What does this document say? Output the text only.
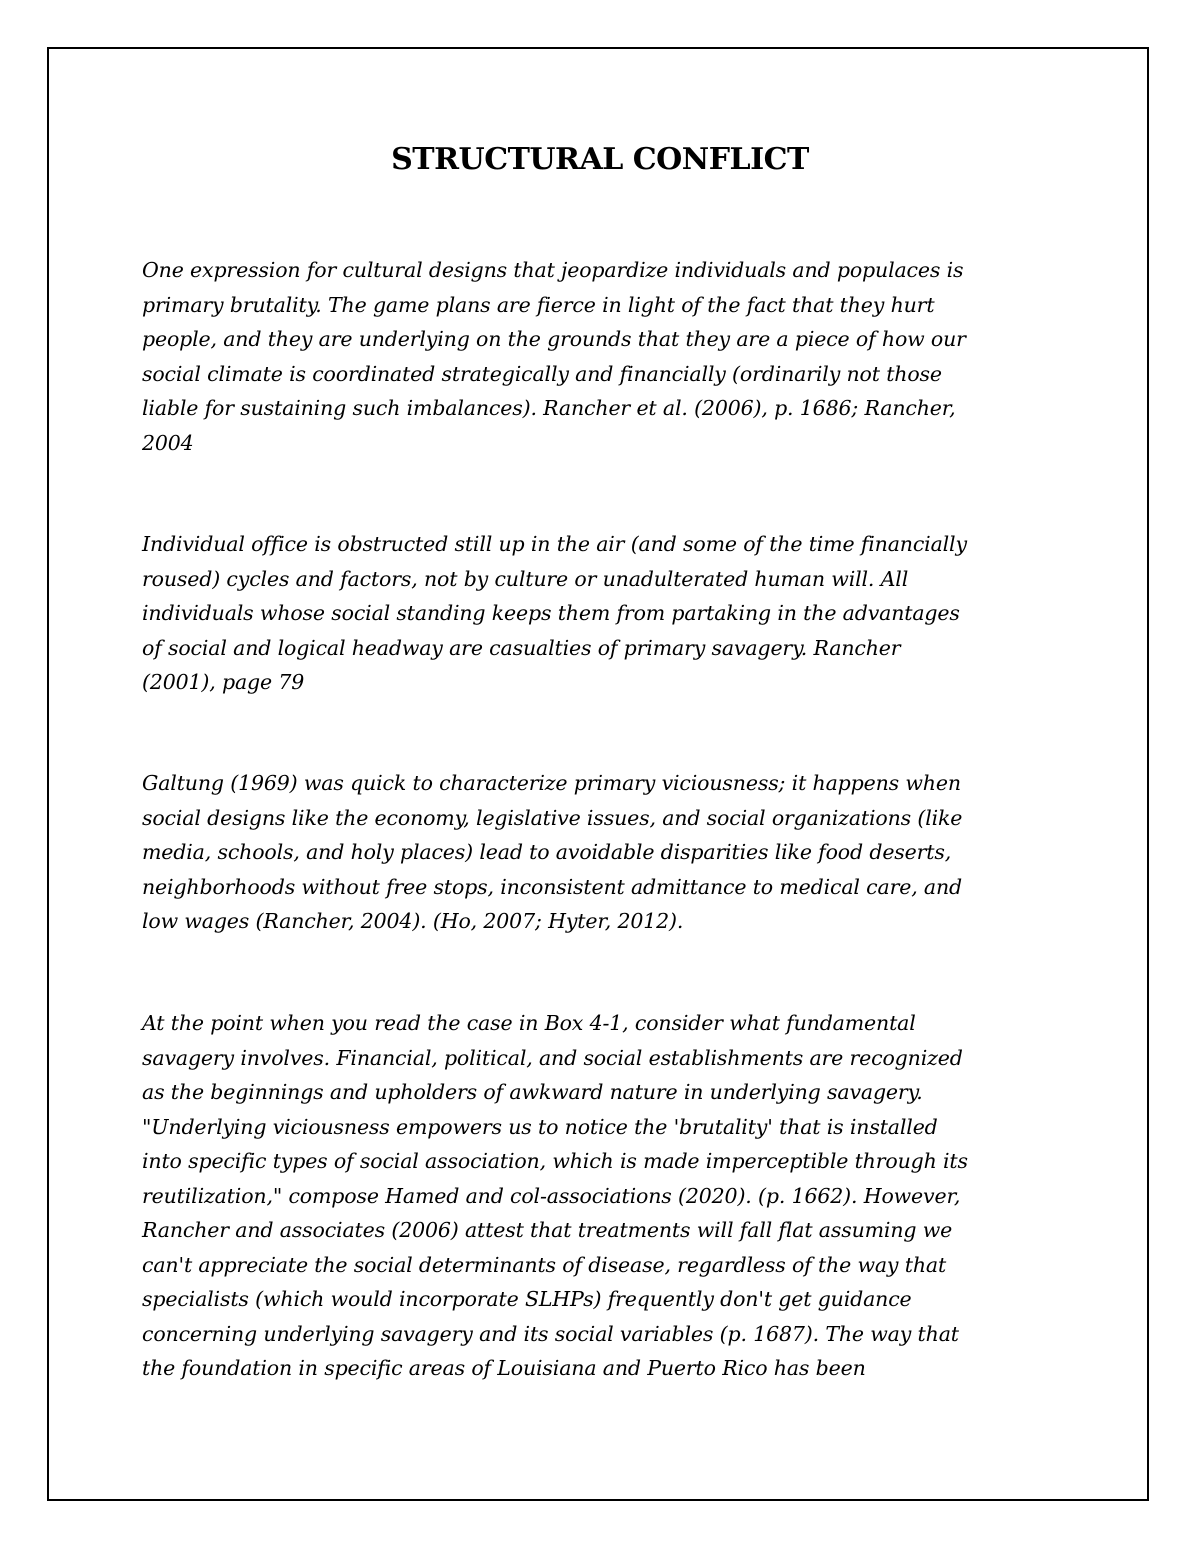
STRUCTURAL CONFLICT

One expression for cultural designs that jeopardize individuals and populaces is
primary brutality. The game plans are fierce in light of the fact that they hurt
people, and they are underlying on the grounds that they are a piece of how our
social climate is coordinated strategically and financially (ordinarily not those
liable for sustaining such imbalances). Rancher et al. (2006), p. 1686; Rancher,
2004

Individual office is obstructed still up in the air (and some of the time financially
roused) cycles and factors, not by culture or unadulterated human will. All
individuals whose social standing keeps them from partaking in the advantages
of social and logical headway are casualties of primary savagery. Rancher
(2001), page 79

Galtung (1969) was quick to characterize primary viciousness; it happens when
social designs like the economy, legislative issues, and social organizations (like
media, schools, and holy places) lead to avoidable disparities like food deserts,
neighborhoods without free stops, inconsistent admittance to medical care, and
low wages (Rancher, 2004). (Ho, 2007; Hyter, 2012).

At the point when you read the case in Box 4-1, consider what fundamental
savagery involves. Financial, political, and social establishments are recognized
as the beginnings and upholders of awkward nature in underlying savagery.
"Underlying viciousness empowers us to notice the 'brutality' that is installed
into specific types of social association, which is made imperceptible through its
reutilization," compose Hamed and col-associations (2020). (p. 1662). However,
Rancher and associates (2006) attest that treatments will fall flat assuming we
can't appreciate the social determinants of disease, regardless of the way that
specialists (which would incorporate SLHPs) frequently don't get guidance
concerning underlying savagery and its social variables (p. 1687). The way that
the foundation in specific areas of Louisiana and Puerto Rico has been
